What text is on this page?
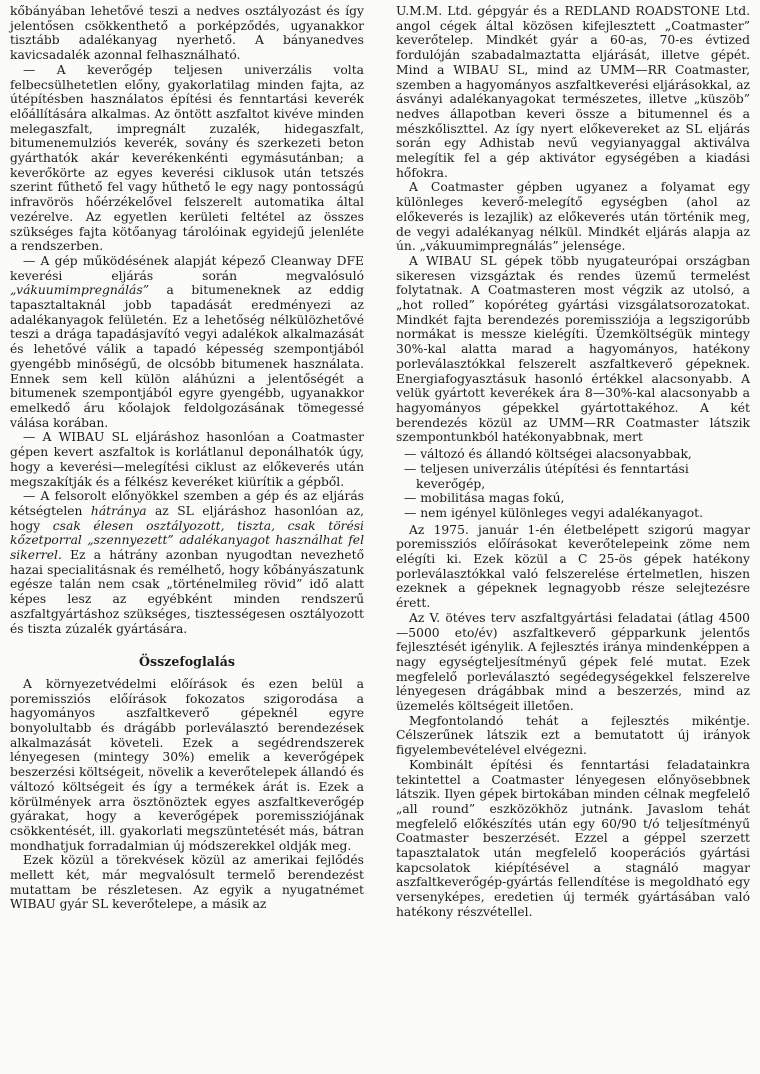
kőbányában lehetővé teszi a nedves osztályozást és így jelentősen csökkenthető a porképződés, ugyanakkor tisztább adalékanyag nyerhető. A bányanedves kavicsadalék azonnal felhasználható.

— A keverőgép teljesen univerzális volta felbecsülhetetlen előny, gyakorlatilag minden fajta, az útépítésben használatos építési és fenntartási keverék előállítására alkalmas. Az öntött aszfaltot kivéve minden melegaszfalt, impregnált zuzalék, hidegaszfalt, bitumenemulziós keverék, sovány és szerkezeti beton gyárthatók akár keverékenkénti egymásutánban; a keverőkörte az egyes keverési ciklusok után tetszés szerint fűthető fel vagy hűthető le egy nagy pontosságú infravörös hőérzékelővel felszerelt automatika által vezérelve. Az egyetlen kerületi feltétel az összes szükséges fajta kötőanyag tárolóinak egyidejű jelenléte a rendszerben.

— A gép működésének alapját képező Cleanway DFE keverési eljárás során megvalósuló „vákuumimpregnálás” a bitumeneknek az eddig tapasztaltaknál jobb tapadását eredményezi az adalékanyagok felületén. Ez a lehetőség nélkülözhetővé teszi a drága tapadásjavító vegyi adalékok alkalmazását és lehetővé válik a tapadó képesség szempontjából gyengébb minőségű, de olcsóbb bitumenek használata. Ennek sem kell külön aláhúzni a jelentőségét a bitumenek szempontjából egyre gyengébb, ugyanakkor emelkedő áru kőolajok feldolgozásának tömegessé válása korában.

— A WIBAU SL eljáráshoz hasonlóan a Coatmaster gépen kevert aszfaltok is korlátlanul deponálhatók úgy, hogy a keverési—melegítési ciklust az előkeverés után megszakítják és a félkész keveréket kiürítik a gépből.

— A felsorolt előnyökkel szemben a gép és az eljárás kétségtelen hátránya az SL eljáráshoz hasonlóan az, hogy csak élesen osztályozott, tiszta, csak törési kőzetporral „szennyezett” adalékanyagot használhat fel sikerrel. Ez a hátrány azonban nyugodtan nevezhető hazai specialitásnak és remélhető, hogy kőbányászatunk egésze talán nem csak „történelmileg rövid” idő alatt képes lesz az egyébként minden rendszerű aszfaltgyártáshoz szükséges, tisztességesen osztályozott és tiszta zúzalék gyártására.

Összefoglalás

A környezetvédelmi előírások és ezen belül a poremissziós előírások fokozatos szigorodása a hagyományos aszfaltkeverő gépeknél egyre bonyolultabb és drágább porleválasztó berendezések alkalmazását követeli. Ezek a segédrendszerek lényegesen (mintegy 30%) emelik a keverőgépek beszerzési költségeit, növelik a keverőtelepek állandó és változó költségeit és így a termékek árát is. Ezek a körülmények arra ösztönöztek egyes aszfaltkeverőgép gyárakat, hogy a keverőgépek poremissziójának csökkentését, ill. gyakorlati megszüntetését más, bátran mondhatjuk forradalmian új módszerekkel oldják meg.

Ezek közül a törekvések közül az amerikai fejlődés mellett két, már megvalósult termelő berendezést mutattam be részletesen. Az egyik a nyugatnémet WIBAU gyár SL keverőtelepe, a másik az

U.M.M. Ltd. gépgyár és a REDLAND ROADSTONE Ltd. angol cégek által közösen kifejlesztett „Coatmaster” keverőtelep. Mindkét gyár a 60-as, 70-es évtized fordulóján szabadalmaztatta eljárását, illetve gépét. Mind a WIBAU SL, mind az UMM—RR Coatmaster, szemben a hagyományos aszfaltkeverési eljárásokkal, az ásványi adalékanyagokat természetes, illetve „küszöb” nedves állapotban keveri össze a bitumennel és a mészkőliszttel. Az így nyert előkevereket az SL eljárás során egy Adhistab nevű vegyianyaggal aktiválva melegítik fel a gép aktivátor egységében a kiadási hőfokra.

A Coatmaster gépben ugyanez a folyamat egy különleges keverő-melegítő egységben (ahol az előkeverés is lezajlik) az előkeverés után történik meg, de vegyi adalékanyag nélkül. Mindkét eljárás alapja az ún. „vákuumimpregnálás” jelensége.

A WIBAU SL gépek több nyugateurópai országban sikeresen vizsgáztak és rendes üzemű termelést folytatnak. A Coatmasteren most végzik az utolsó, a „hot rolled” kopóréteg gyártási vizsgálatsorozatokat. Mindkét fajta berendezés poremissziója a legszigorúbb normákat is messze kielégíti. Üzemköltségük mintegy 30%-kal alatta marad a hagyományos, hatékony porleválasztókkal felszerelt aszfaltkeverő gépeknek. Energiafogyasztásuk hasonló értékkel alacsonyabb. A velük gyártott keverékek ára 8—30%-kal alacsonyabb a hagyományos gépekkel gyártottakéhoz. A két berendezés közül az UMM—RR Coatmaster látszik szempontunkból hatékonyabbnak, mert

— változó és állandó költségei alacsonyabbak,
— teljesen univerzális útépítési és fenntartási keverőgép,
— mobilitása magas fokú,
— nem igényel különleges vegyi adalékanyagot.

Az 1975. január 1-én életbelépett szigorú magyar poremissziós előírásokat keverőtelepeink zöme nem elégíti ki. Ezek közül a C 25-ös gépek hatékony porleválasztókkal való felszerelése értelmetlen, hiszen ezeknek a gépeknek legnagyobb része selejtezésre érett.

Az V. ötéves terv aszfaltgyártási feladatai (átlag 4500—5000 eto/év) aszfaltkeverő gépparkunk jelentős fejlesztését igénylik. A fejlesztés iránya mindenképpen a nagy egységteljesítményű gépek felé mutat. Ezek megfelelő porleválasztó segédegységekkel felszerelve lényegesen drágábbak mind a beszerzés, mind az üzemelés költségeit illetően.

Megfontolandó tehát a fejlesztés mikéntje. Célszerűnek látszik ezt a bemutatott új irányok figyelembevételével elvégezni.

Kombinált építési és fenntartási feladatainkra tekintettel a Coatmaster lényegesen előnyösebbnek látszik. Ilyen gépek birtokában minden célnak megfelelő „all round” eszközökhöz jutnánk. Javaslom tehát megfelelő előkészítés után egy 60/90 t/ó teljesítményű Coatmaster beszerzését. Ezzel a géppel szerzett tapasztalatok után megfelelő kooperációs gyártási kapcsolatok kiépítésével a stagnáló magyar aszfaltkeverőgép-gyártás fellendítése is megoldható egy versenyképes, eredetien új termék gyártásában való hatékony részvétellel.
